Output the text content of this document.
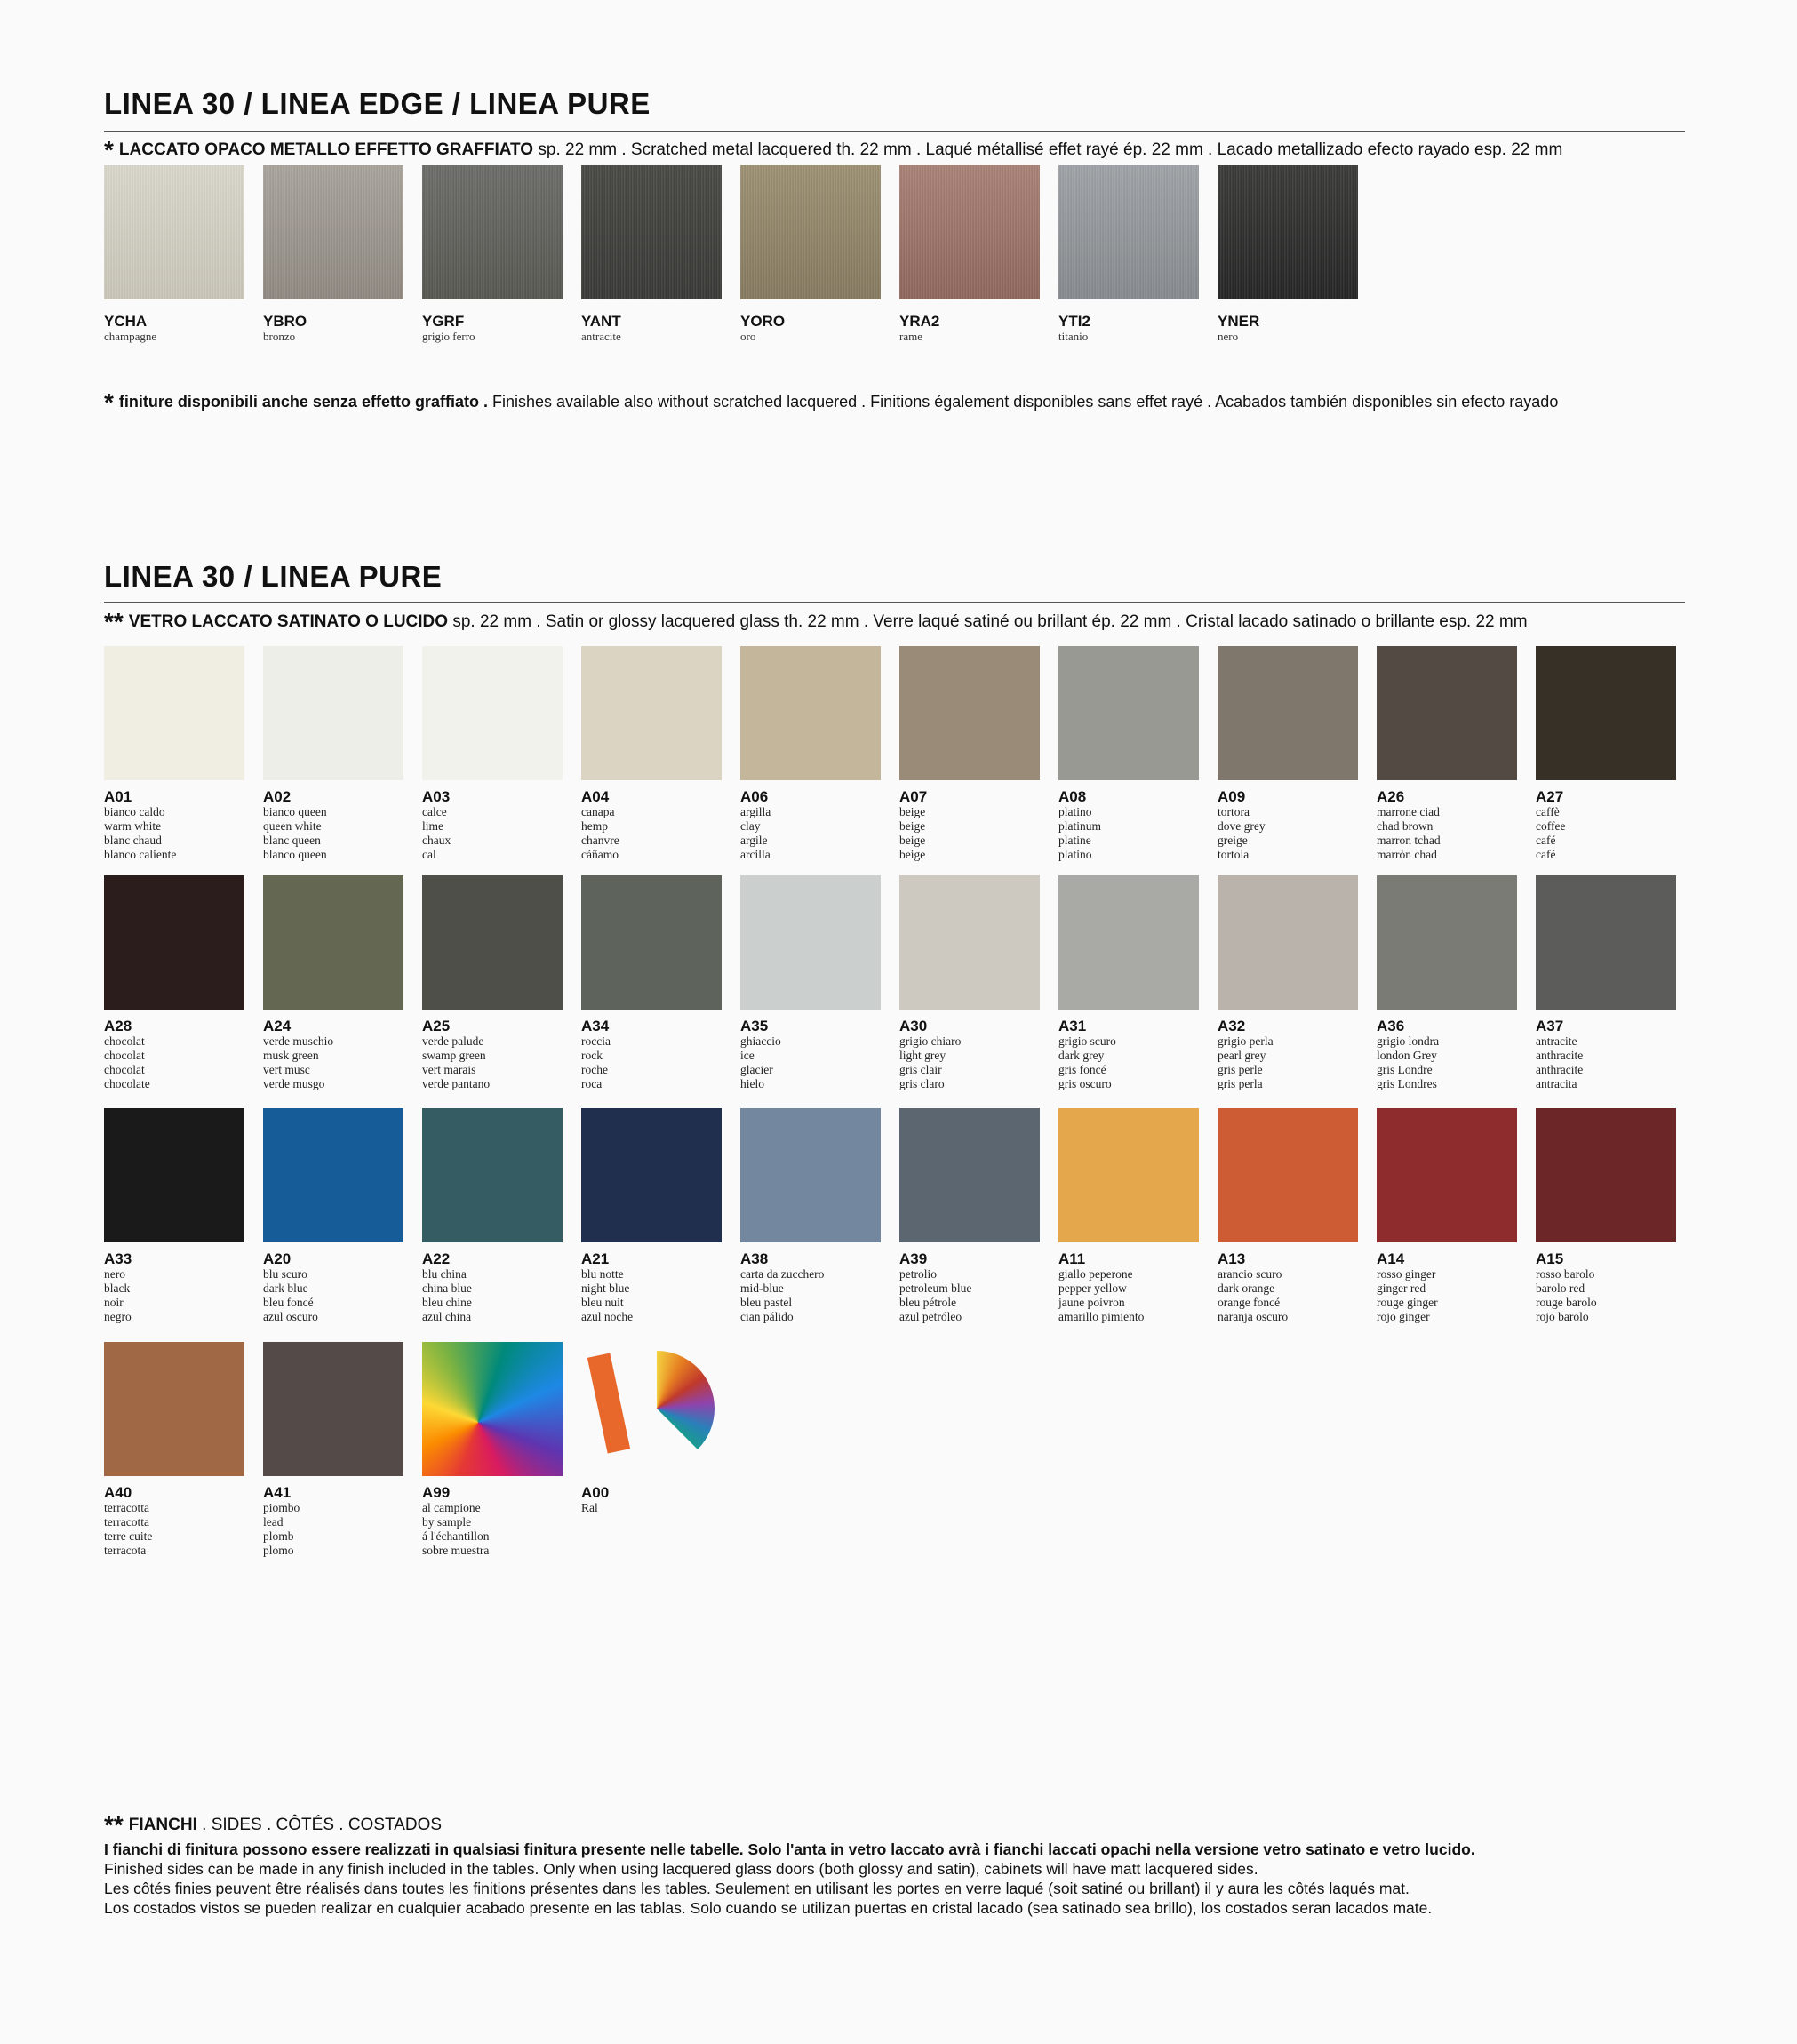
LINEA 30 / LINEA EDGE / LINEA PURE
* LACCATO OPACO METALLO EFFETTO GRAFFIATO sp. 22 mm . Scratched metal lacquered th. 22 mm . Laqué métallisé effet rayé ép. 22 mm . Lacado metallizado efecto rayado esp. 22 mm
YCHA
champagne
YBRO
bronzo
YGRF
grigio ferro
YANT
antracite
YORO
oro
YRA2
rame
YTI2
titanio
YNER
nero
* finiture disponibili anche senza effetto graffiato . Finishes available also without scratched lacquered . Finitions également disponibles sans effet rayé . Acabados también disponibles sin efecto rayado
LINEA 30 / LINEA PURE
** VETRO LACCATO SATINATO O LUCIDO sp. 22 mm . Satin or glossy lacquered glass th. 22 mm . Verre laqué satiné ou brillant ép. 22 mm . Cristal lacado satinado o brillante esp. 22 mm
A01
bianco caldo
warm white
blanc chaud
blanco caliente
A02
bianco queen
queen white
blanc queen
blanco queen
A03
calce
lime
chaux
cal
A04
canapa
hemp
chanvre
cáñamo
A06
argilla
clay
argile
arcilla
A07
beige
beige
beige
beige
A08
platino
platinum
platine
platino
A09
tortora
dove grey
greige
tortola
A26
marrone ciad
chad brown
marron tchad
marròn chad
A27
caffè
coffee
café
café
A28
chocolat
chocolat
chocolat
chocolate
A24
verde muschio
musk green
vert musc
verde musgo
A25
verde palude
swamp green
vert marais
verde pantano
A34
roccia
rock
roche
roca
A35
ghiaccio
ice
glacier
hielo
A30
grigio chiaro
light grey
gris clair
gris claro
A31
grigio scuro
dark grey
gris foncé
gris oscuro
A32
grigio perla
pearl grey
gris perle
gris perla
A36
grigio londra
london Grey
gris Londre
gris Londres
A37
antracite
anthracite
anthracite
antracita
A33
nero
black
noir
negro
A20
blu scuro
dark blue
bleu foncé
azul oscuro
A22
blu china
china blue
bleu chine
azul china
A21
blu notte
night blue
bleu nuit
azul noche
A38
carta da zucchero
mid-blue
bleu pastel
cian pálido
A39
petrolio
petroleum blue
bleu pétrole
azul petróleo
A11
giallo peperone
pepper yellow
jaune poivron
amarillo pimiento
A13
arancio scuro
dark orange
orange foncé
naranja oscuro
A14
rosso ginger
ginger red
rouge ginger
rojo ginger
A15
rosso barolo
barolo red
rouge barolo
rojo barolo
A40
terracotta
terracotta
terre cuite
terracota
A41
piombo
lead
plomb
plomo
A99
al campione
by sample
á l'échantillon
sobre muestra
A00
Ral
** FIANCHI . SIDES . CÔTÉS . COSTADOS

I fianchi di finitura possono essere realizzati in qualsiasi finitura presente nelle tabelle. Solo l'anta in vetro laccato avrà i fianchi laccati opachi nella versione vetro satinato e vetro lucido.

Finished sides can be made in any finish included in the tables. Only when using lacquered glass doors (both glossy and satin), cabinets will have matt lacquered sides.

Les côtés finies peuvent être réalisés dans toutes les finitions présentes dans les tables. Seulement en utilisant les portes en verre laqué (soit satiné ou brillant) il y aura les côtés laqués mat.

Los costados vistos se pueden realizar en cualquier acabado presente en las tablas. Solo cuando se utilizan puertas en cristal lacado (sea satinado sea brillo), los costados seran lacados mate.
